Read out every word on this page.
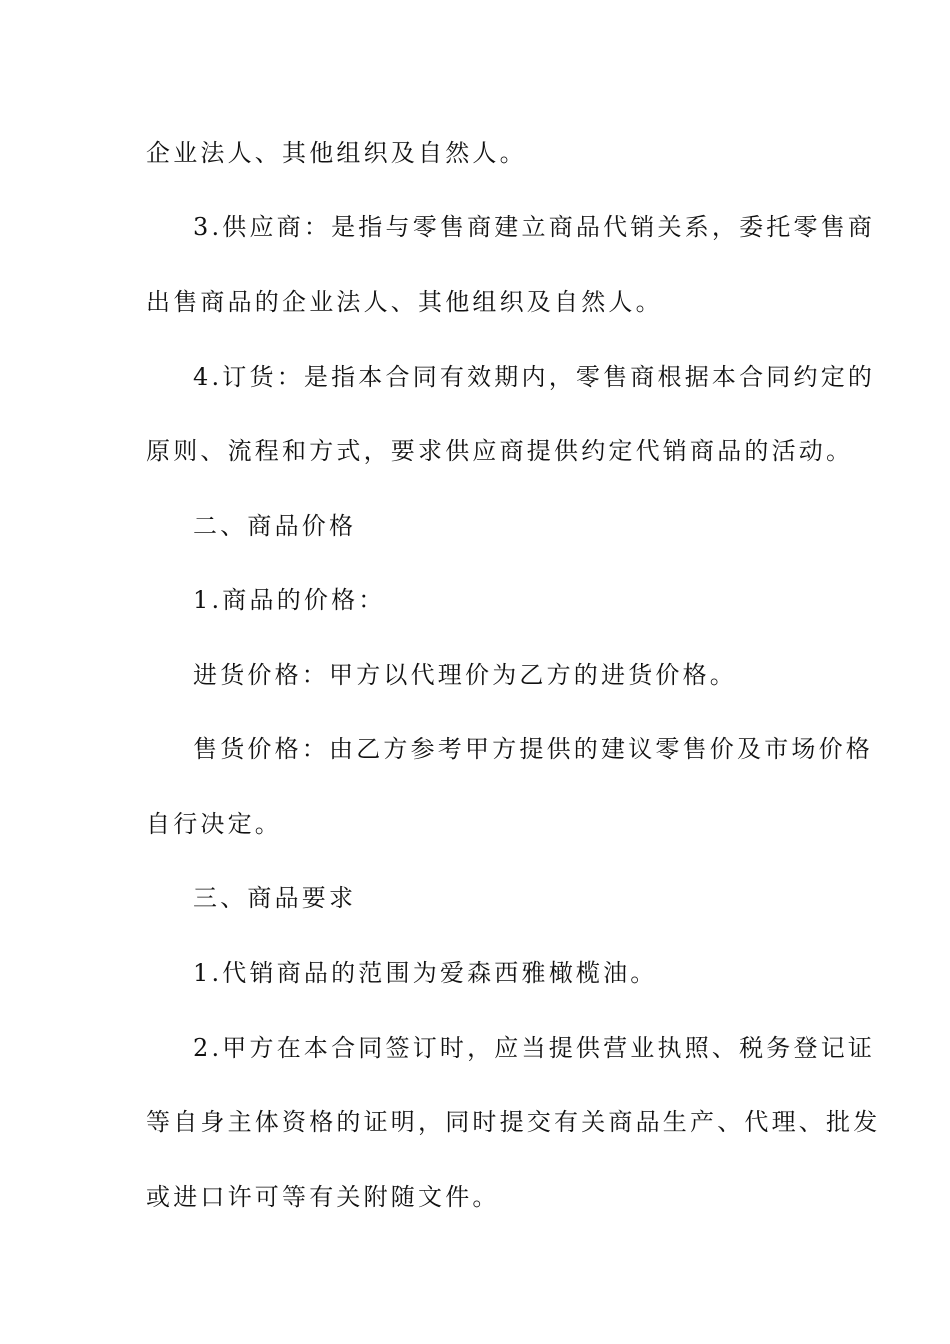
企业法人、其他组织及自然人。
3.供应商：是指与零售商建立商品代销关系，委托零售商
出售商品的企业法人、其他组织及自然人。
4.订货：是指本合同有效期内，零售商根据本合同约定的
原则、流程和方式，要求供应商提供约定代销商品的活动。
二、商品价格
1.商品的价格：
进货价格：甲方以代理价为乙方的进货价格。
售货价格：由乙方参考甲方提供的建议零售价及市场价格
自行决定。
三、商品要求
1.代销商品的范围为爱森西雅橄榄油。
2.甲方在本合同签订时，应当提供营业执照、税务登记证
等自身主体资格的证明，同时提交有关商品生产、代理、批发
或进口许可等有关附随文件。
